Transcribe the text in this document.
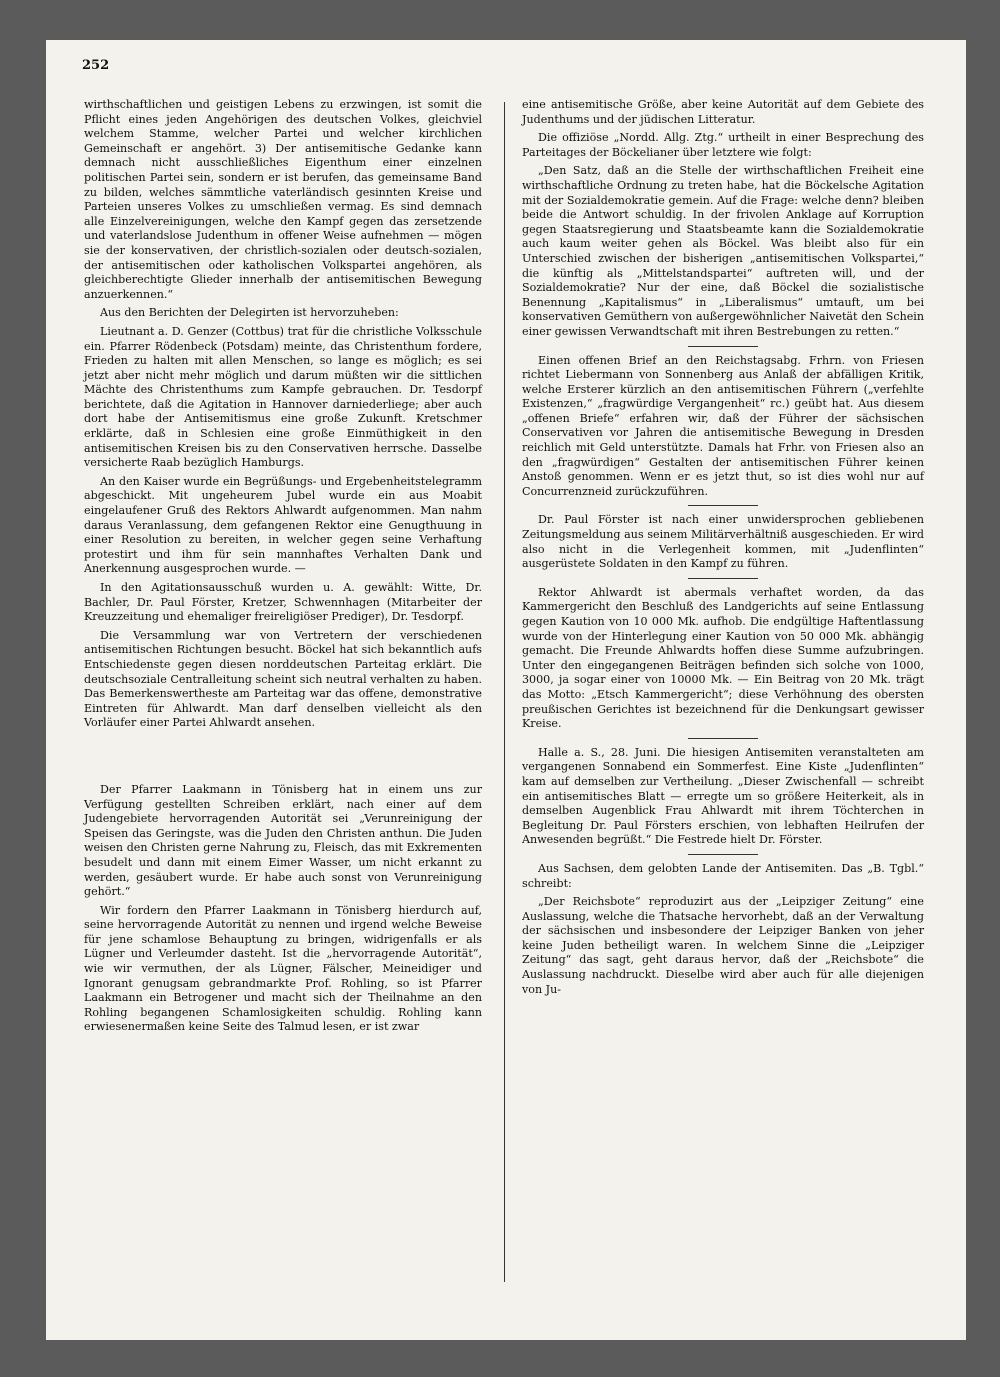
252

wirthschaftlichen und geistigen Lebens zu erzwingen, ist somit die Pflicht eines jeden Angehörigen des deutschen Volkes, gleichviel welchem Stamme, welcher Partei und welcher kirchlichen Gemeinschaft er angehört. 3) Der antisemitische Gedanke kann demnach nicht ausschließliches Eigenthum einer einzelnen politischen Partei sein, sondern er ist berufen, das gemeinsame Band zu bilden, welches sämmtliche vaterländisch gesinnten Kreise und Parteien unseres Volkes zu umschließen vermag. Es sind demnach alle Einzelvereinigungen, welche den Kampf gegen das zersetzende und vaterlandslose Judenthum in offener Weise aufnehmen — mögen sie der konservativen, der christlich-sozialen oder deutsch-sozialen, der antisemitischen oder katholischen Volkspartei angehören, als gleichberechtigte Glieder innerhalb der antisemitischen Bewegung anzuerkennen.“

Aus den Berichten der Delegirten ist hervorzuheben:

Lieutnant a. D. Genzer (Cottbus) trat für die christliche Volksschule ein. Pfarrer Rödenbeck (Potsdam) meinte, das Christenthum fordere, Frieden zu halten mit allen Menschen, so lange es möglich; es sei jetzt aber nicht mehr möglich und darum müßten wir die sittlichen Mächte des Christenthums zum Kampfe gebrauchen. Dr. Tesdorpf berichtete, daß die Agitation in Hannover darniederliege; aber auch dort habe der Antisemitismus eine große Zukunft. Kretschmer erklärte, daß in Schlesien eine große Einmüthigkeit in den antisemitischen Kreisen bis zu den Conservativen herrsche. Dasselbe versicherte Raab bezüglich Hamburgs.

An den Kaiser wurde ein Begrüßungs- und Ergebenheitstelegramm abgeschickt. Mit ungeheurem Jubel wurde ein aus Moabit eingelaufener Gruß des Rektors Ahlwardt aufgenommen. Man nahm daraus Veranlassung, dem gefangenen Rektor eine Genugthuung in einer Resolution zu bereiten, in welcher gegen seine Verhaftung protestirt und ihm für sein mannhaftes Verhalten Dank und Anerkennung ausgesprochen wurde. —

In den Agitationsausschuß wurden u. A. gewählt: Witte, Dr. Bachler, Dr. Paul Förster, Kretzer, Schwennhagen (Mitarbeiter der Kreuzzeitung und ehemaliger freireligiöser Prediger), Dr. Tesdorpf.

Die Versammlung war von Vertretern der verschiedenen antisemitischen Richtungen besucht. Böckel hat sich bekanntlich aufs Entschiedenste gegen diesen norddeutschen Parteitag erklärt. Die deutschsoziale Centralleitung scheint sich neutral verhalten zu haben. Das Bemerkenswertheste am Parteitag war das offene, demonstrative Eintreten für Ahlwardt. Man darf denselben vielleicht als den Vorläufer einer Partei Ahlwardt ansehen.

Der Pfarrer Laakmann in Tönisberg hat in einem uns zur Verfügung gestellten Schreiben erklärt, nach einer auf dem Judengebiete hervorragenden Autorität sei „Verunreinigung der Speisen das Geringste, was die Juden den Christen anthun. Die Juden weisen den Christen gerne Nahrung zu, Fleisch, das mit Exkrementen besudelt und dann mit einem Eimer Wasser, um nicht erkannt zu werden, gesäubert wurde. Er habe auch sonst von Verunreinigung gehört.“

Wir fordern den Pfarrer Laakmann in Tönisberg hierdurch auf, seine hervorragende Autorität zu nennen und irgend welche Beweise für jene schamlose Behauptung zu bringen, widrigenfalls er als Lügner und Verleumder dasteht. Ist die „hervorragende Autorität“, wie wir vermuthen, der als Lügner, Fälscher, Meineidiger und Ignorant genugsam gebrandmarkte Prof. Rohling, so ist Pfarrer Laakmann ein Betrogener und macht sich der Theilnahme an den Rohling begangenen Schamlosigkeiten schuldig. Rohling kann erwiesenermaßen keine Seite des Talmud lesen, er ist zwar

eine antisemitische Größe, aber keine Autorität auf dem Gebiete des Judenthums und der jüdischen Litteratur.

Die offiziöse „Nordd. Allg. Ztg.“ urtheilt in einer Besprechung des Parteitages der Böckelianer über letztere wie folgt:

„Den Satz, daß an die Stelle der wirthschaftlichen Freiheit eine wirthschaftliche Ordnung zu treten habe, hat die Böckelsche Agitation mit der Sozialdemokratie gemein. Auf die Frage: welche denn? bleiben beide die Antwort schuldig. In der frivolen Anklage auf Korruption gegen Staatsregierung und Staatsbeamte kann die Sozialdemokratie auch kaum weiter gehen als Böckel. Was bleibt also für ein Unterschied zwischen der bisherigen „antisemitischen Volkspartei,“ die künftig als „Mittelstandspartei“ auftreten will, und der Sozialdemokratie? Nur der eine, daß Böckel die sozialistische Benennung „Kapitalismus“ in „Liberalismus“ umtauft, um bei konservativen Gemüthern von außergewöhnlicher Naivetät den Schein einer gewissen Verwandtschaft mit ihren Bestrebungen zu retten.“

Einen offenen Brief an den Reichstagsabg. Frhrn. von Friesen richtet Liebermann von Sonnenberg aus Anlaß der abfälligen Kritik, welche Ersterer kürzlich an den antisemitischen Führern („verfehlte Existenzen,“ „fragwürdige Vergangenheit“ rc.) geübt hat. Aus diesem „offenen Briefe“ erfahren wir, daß der Führer der sächsischen Conservativen vor Jahren die antisemitische Bewegung in Dresden reichlich mit Geld unterstützte. Damals hat Frhr. von Friesen also an den „fragwürdigen“ Gestalten der antisemitischen Führer keinen Anstoß genommen. Wenn er es jetzt thut, so ist dies wohl nur auf Concurrenzneid zurückzuführen.

Dr. Paul Förster ist nach einer unwidersprochen gebliebenen Zeitungsmeldung aus seinem Militärverhältniß ausgeschieden. Er wird also nicht in die Verlegenheit kommen, mit „Judenflinten“ ausgerüstete Soldaten in den Kampf zu führen.

Rektor Ahlwardt ist abermals verhaftet worden, da das Kammergericht den Beschluß des Landgerichts auf seine Entlassung gegen Kaution von 10 000 Mk. aufhob. Die endgültige Haftentlassung wurde von der Hinterlegung einer Kaution von 50 000 Mk. abhängig gemacht. Die Freunde Ahlwardts hoffen diese Summe aufzubringen. Unter den eingegangenen Beiträgen befinden sich solche von 1000, 3000, ja sogar einer von 10000 Mk. — Ein Beitrag von 20 Mk. trägt das Motto: „Etsch Kammergericht“; diese Verhöhnung des obersten preußischen Gerichtes ist bezeichnend für die Denkungsart gewisser Kreise.

Halle a. S., 28. Juni. Die hiesigen Antisemiten veranstalteten am vergangenen Sonnabend ein Sommerfest. Eine Kiste „Judenflinten“ kam auf demselben zur Vertheilung. „Dieser Zwischenfall — schreibt ein antisemitisches Blatt — erregte um so größere Heiterkeit, als in demselben Augenblick Frau Ahlwardt mit ihrem Töchterchen in Begleitung Dr. Paul Försters erschien, von lebhaften Heilrufen der Anwesenden begrüßt.“ Die Festrede hielt Dr. Förster.

Aus Sachsen, dem gelobten Lande der Antisemiten. Das „B. Tgbl.“ schreibt:

„Der Reichsbote“ reproduzirt aus der „Leipziger Zeitung“ eine Auslassung, welche die Thatsache hervorhebt, daß an der Verwaltung der sächsischen und insbesondere der Leipziger Banken von jeher keine Juden betheiligt waren. In welchem Sinne die „Leipziger Zeitung“ das sagt, geht daraus hervor, daß der „Reichsbote“ die Auslassung nachdruckt. Dieselbe wird aber auch für alle diejenigen von Ju-
